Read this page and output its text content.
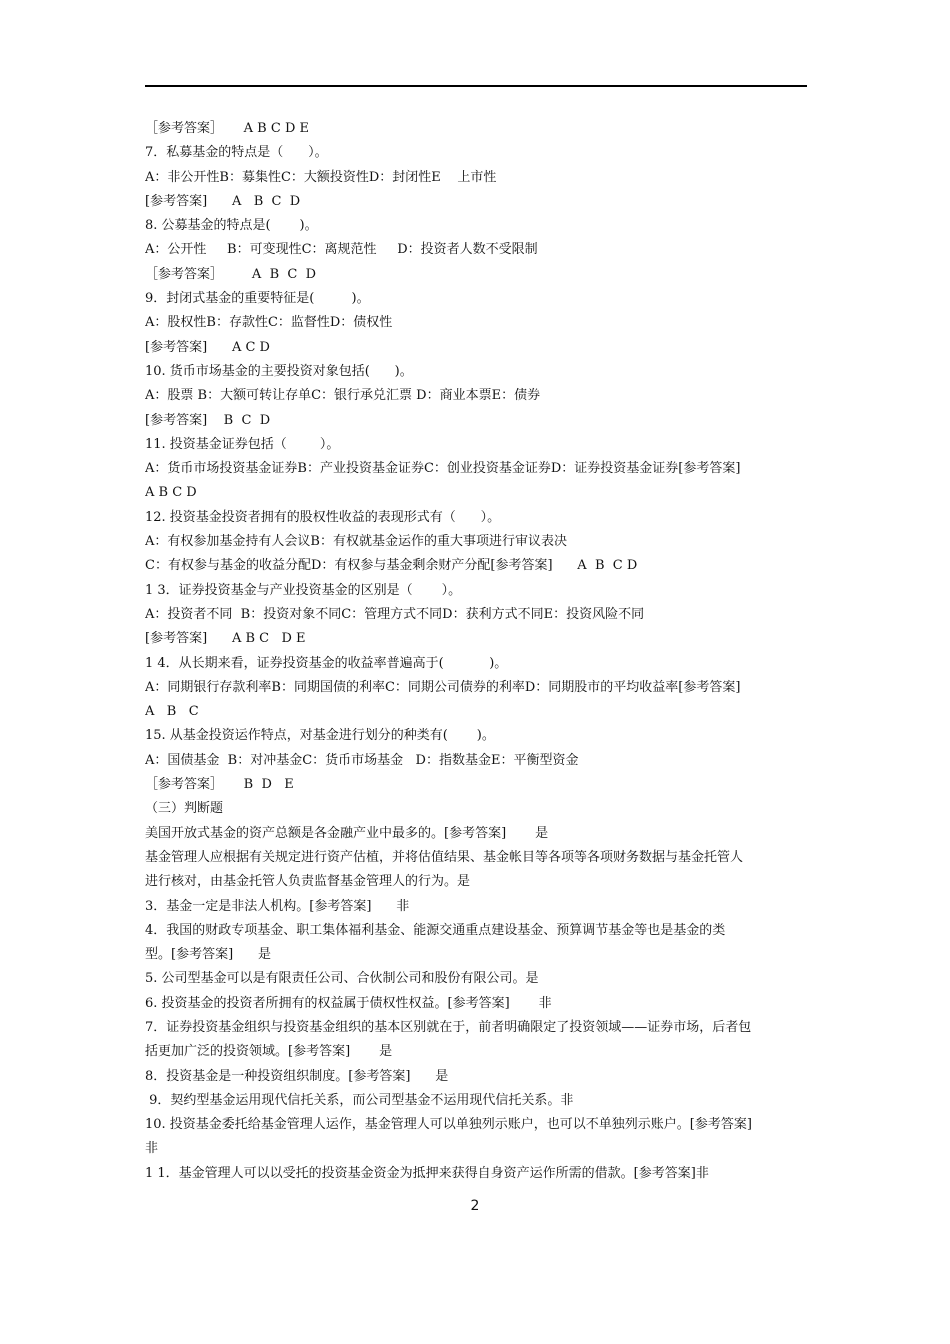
［参考答案］     A B C D E
7．私募基金的特点是（      ）。
A：非公开性B：募集性C：大额投资性D：封闭性E    上市性
[参考答案]      A   B  C  D
8. 公募基金的特点是(       )。
A：公开性     B：可变现性C：离规范性     D：投资者人数不受限制
［参考答案］       A  B  C  D
9．封闭式基金的重要特征是(         )。
A：股权性B：存款性C：监督性D：债权性
[参考答案]      A C D
10. 货币市场基金的主要投资对象包括(      )。
A：股票 B：大额可转让存单C：银行承兑汇票 D：商业本票E：债券
[参考答案]    B  C  D
11. 投资基金证券包括（        ）。
A：货币市场投资基金证券B：产业投资基金证券C：创业投资基金证券D：证券投资基金证券[参考答案]
A B C D
12. 投资基金投资者拥有的股权性收益的表现形式有（      ）。
A：有权参加基金持有人会议B：有权就基金运作的重大事项进行审议表决
C：有权参与基金的收益分配D：有权参与基金剩余财产分配[参考答案]      A  B  C D
1 3．证券投资基金与产业投资基金的区别是（       ）。
A：投资者不同  B：投资对象不同C：管理方式不同D：获利方式不同E：投资风险不同
[参考答案]      A B C   D E
1 4．从长期来看，证券投资基金的收益率普遍高于(           )。
A：同期银行存款利率B：同期国债的利率C：同期公司债券的利率D：同期股市的平均收益率[参考答案]
A   B   C
15. 从基金投资运作特点，对基金进行划分的种类有(       )。
A：国债基金  B：对冲基金C：货币市场基金   D：指数基金E：平衡型资金
［参考答案］     B  D   E
（三）判断题
美国开放式基金的资产总额是各金融产业中最多的。[参考答案]       是
基金管理人应根据有关规定进行资产估植，并将估值结果、基金帐目等各项等各项财务数据与基金托管人
进行核对，由基金托管人负责监督基金管理人的行为。是
3．基金一定是非法人机构。[参考答案]      非
4．我国的财政专项基金、职工集体福利基金、能源交通重点建设基金、预算调节基金等也是基金的类
型。[参考答案]      是
5. 公司型基金可以是有限责任公司、合伙制公司和股份有限公司。是
6. 投资基金的投资者所拥有的权益属于债权性权益。[参考答案]       非
7．证券投资基金组织与投资基金组织的基本区别就在于，前者明确限定了投资领域——证券市场，后者包
括更加广泛的投资领域。[参考答案]       是
8．投资基金是一种投资组织制度。[参考答案]      是
9．契约型基金运用现代信托关系，而公司型基金不运用现代信托关系。非
10. 投资基金委托给基金管理人运作，基金管理人可以单独列示账户，也可以不单独列示账户。[参考答案]
非
1 1．基金管理人可以以受托的投资基金资金为抵押来获得自身资产运作所需的借款。[参考答案]非
2
